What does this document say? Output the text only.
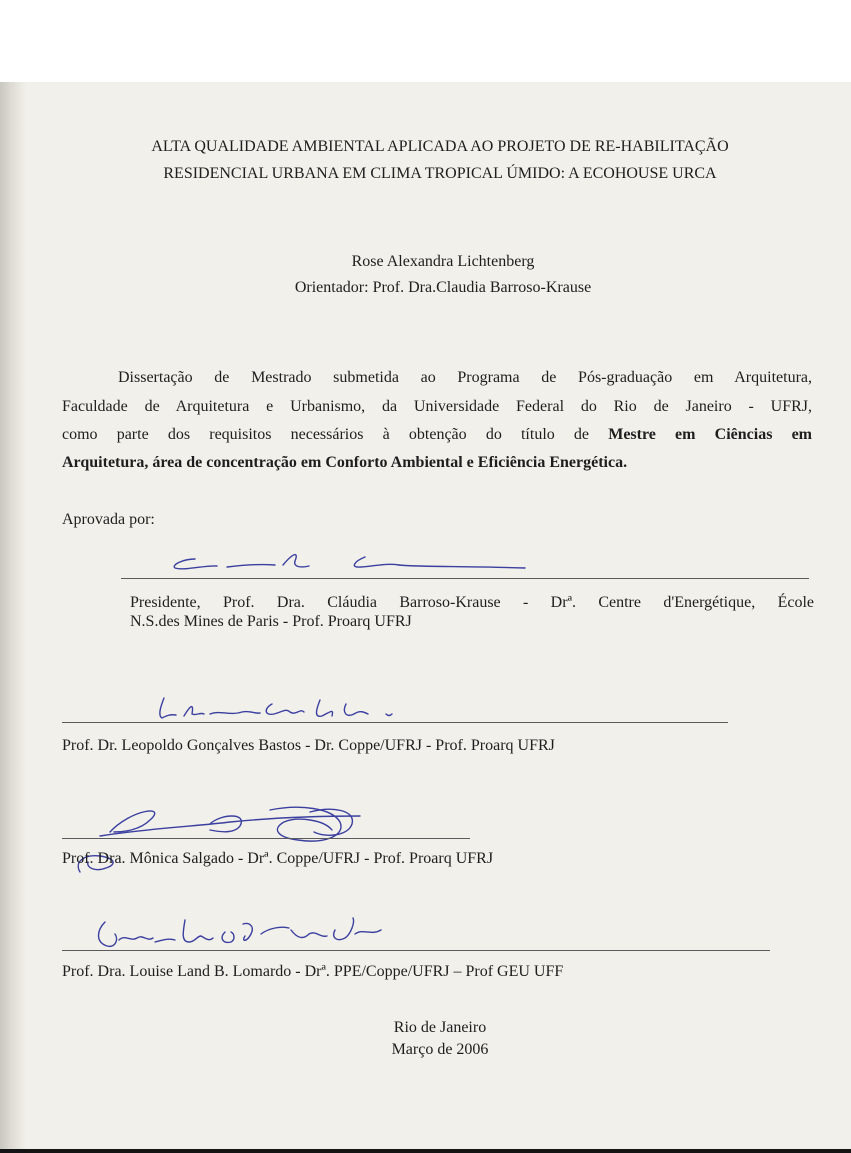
ALTA QUALIDADE AMBIENTAL APLICADA AO PROJETO DE RE-HABILITAÇÃO
RESIDENCIAL URBANA EM CLIMA TROPICAL ÚMIDO: A ECOHOUSE URCA
Rose Alexandra Lichtenberg
Orientador: Prof. Dra.Claudia Barroso-Krause
Dissertação de Mestrado submetida ao Programa de Pós-graduação em Arquitetura,
Faculdade de Arquitetura e Urbanismo, da Universidade Federal do Rio de Janeiro - UFRJ,
como parte dos requisitos necessários à obtenção do título de Mestre em Ciências em
Arquitetura, área de concentração em Conforto Ambiental e Eficiência Energética.
Aprovada por:
Presidente, Prof. Dra. Cláudia Barroso-Krause - Drª. Centre d'Energétique, École
N.S.des Mines de Paris - Prof. Proarq UFRJ
Prof. Dr. Leopoldo Gonçalves Bastos - Dr. Coppe/UFRJ - Prof. Proarq UFRJ
Prof. Dra. Mônica Salgado - Drª. Coppe/UFRJ - Prof. Proarq UFRJ
Prof. Dra. Louise Land B. Lomardo - Drª. PPE/Coppe/UFRJ – Prof GEU UFF
Rio de Janeiro
Março de 2006
